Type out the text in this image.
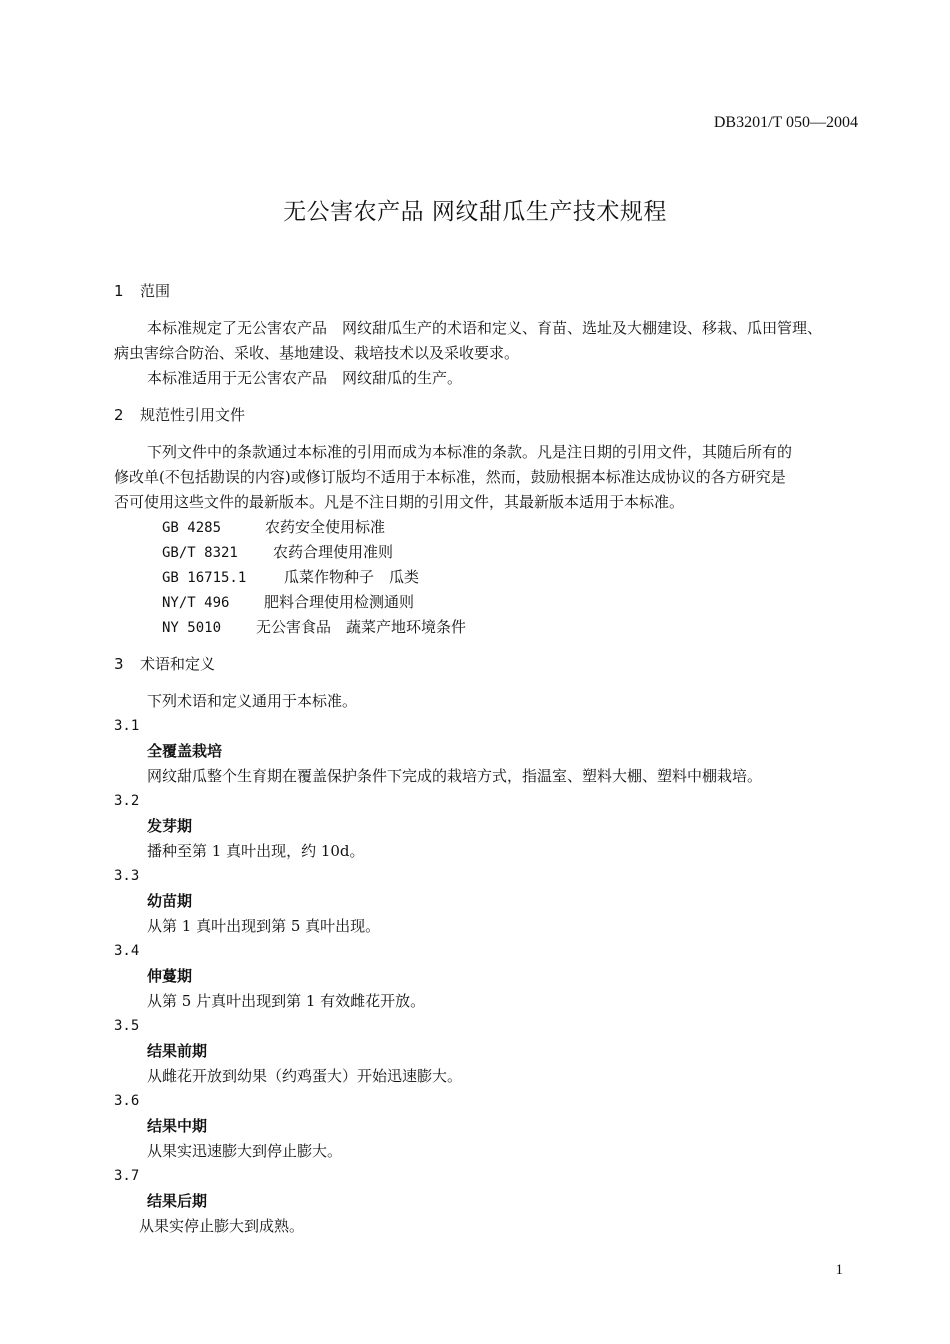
DB3201/T 050—2004
无公害农产品 网纹甜瓜生产技术规程
1 范围
本标准规定了无公害农产品　网纹甜瓜生产的术语和定义、育苗、选址及大棚建设、移栽、瓜田管理、
病虫害综合防治、采收、基地建设、栽培技术以及采收要求。
本标准适用于无公害农产品　网纹甜瓜的生产。
2 规范性引用文件
下列文件中的条款通过本标准的引用而成为本标准的条款。凡是注日期的引用文件，其随后所有的
修改单(不包括勘误的内容)或修订版均不适用于本标准，然而，鼓励根据本标准达成协议的各方研究是
否可使用这些文件的最新版本。凡是不注日期的引用文件，其最新版本适用于本标准。
GB 4285	农药安全使用标准
GB/T 8321 农药合理使用准则
GB 16715.1	瓜菜作物种子　瓜类
NY/T 496 肥料合理使用检测通则
NY 5010 无公害食品　蔬菜产地环境条件
3 术语和定义
下列术语和定义通用于本标准。
3.1
全覆盖栽培
网纹甜瓜整个生育期在覆盖保护条件下完成的栽培方式，指温室、塑料大棚、塑料中棚栽培。
3.2
发芽期
播种至第 1 真叶出现，约 10d。
3.3
幼苗期
从第 1 真叶出现到第 5 真叶出现。
3.4
伸蔓期
从第 5 片真叶出现到第 1 有效雌花开放。
3.5
结果前期
从雌花开放到幼果（约鸡蛋大）开始迅速膨大。
3.6
结果中期
从果实迅速膨大到停止膨大。
3.7
结果后期
从果实停止膨大到成熟。
1
